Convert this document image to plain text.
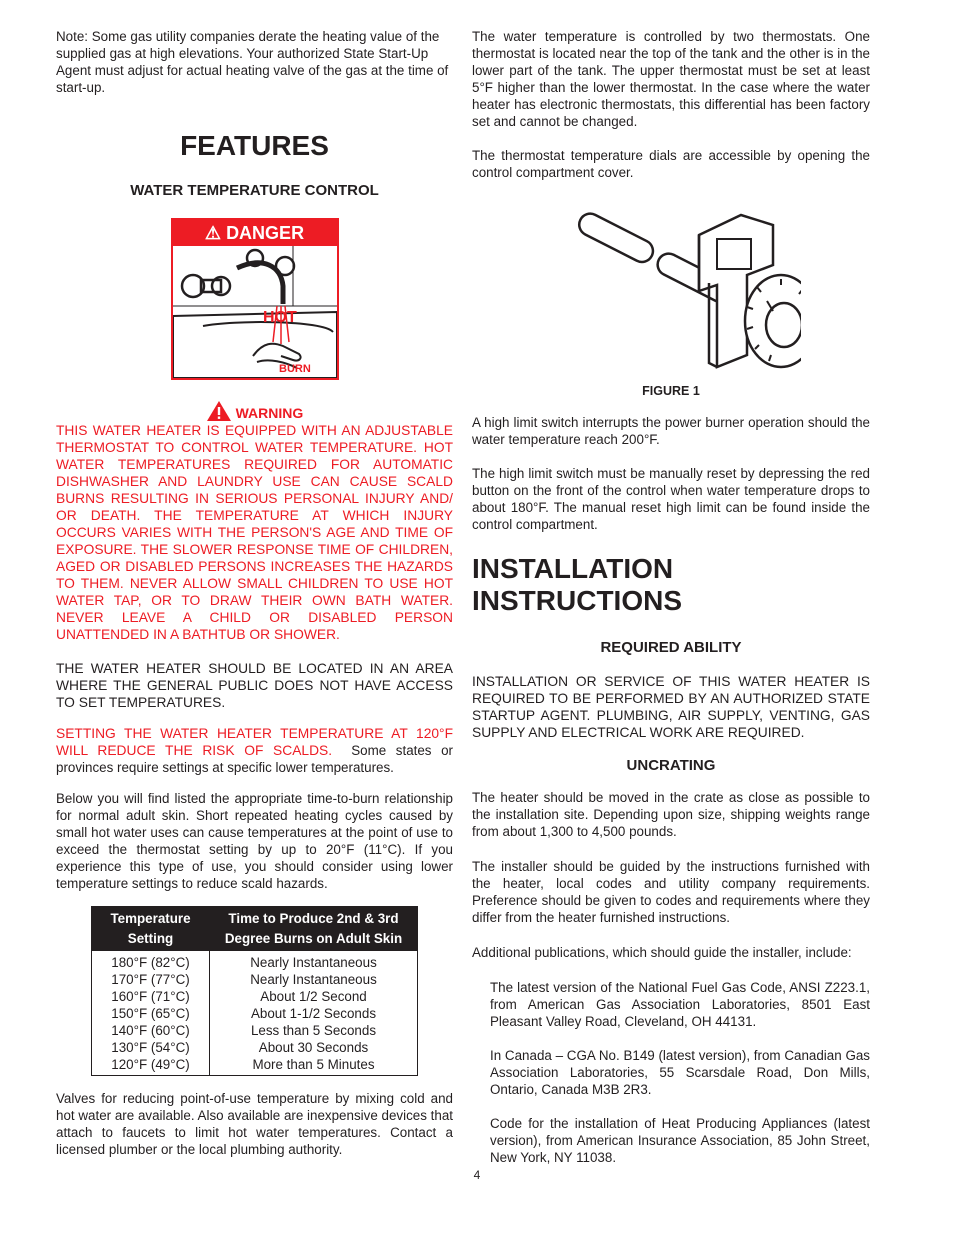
Note: Some gas utility companies derate the heating value of the supplied gas at high elevations. Your authorized State Start-Up Agent must adjust for actual heating valve of the gas at the time of start-up.

FEATURES
WATER TEMPERATURE CONTROL
⚠ DANGER
HOT
BURN
WARNING

THIS WATER HEATER IS EQUIPPED WITH AN ADJUSTABLE THERMOSTAT TO CONTROL WATER TEMPERATURE. HOT WATER TEMPERATURES REQUIRED FOR AUTOMATIC DISHWASHER AND LAUNDRY USE CAN CAUSE SCALD BURNS RESULTING IN SERIOUS PERSONAL INJURY AND/ OR DEATH. THE TEMPERATURE AT WHICH INJURY OCCURS VARIES WITH THE PERSON'S AGE AND TIME OF EXPOSURE. THE SLOWER RESPONSE TIME OF CHILDREN, AGED OR DISABLED PERSONS INCREASES THE HAZARDS TO THEM. NEVER ALLOW SMALL CHILDREN TO USE HOT WATER TAP, OR TO DRAW THEIR OWN BATH WATER. NEVER LEAVE A CHILD OR DISABLED PERSON UNATTENDED IN A BATHTUB OR SHOWER.

THE WATER HEATER SHOULD BE LOCATED IN AN AREA WHERE THE GENERAL PUBLIC DOES NOT HAVE ACCESS TO SET TEMPERATURES.

SETTING THE WATER HEATER TEMPERATURE AT 120°F WILL REDUCE THE RISK OF SCALDS. Some states or provinces require settings at specific lower temperatures.

Below you will find listed the appropriate time-to-burn relationship for normal adult skin. Short repeated heating cycles caused by small hot water uses can cause temperatures at the point of use to exceed the thermostat setting by up to 20°F (11°C). If you experience this type of use, you should consider using lower temperature settings to reduce scald hazards.

Temperature
Setting	Time to Produce 2nd & 3rd
Degree Burns on Adult Skin
180°F (82°C)	Nearly Instantaneous
170°F (77°C)	Nearly Instantaneous
160°F (71°C)	About 1/2 Second
150°F (65°C)	About 1-1/2 Seconds
140°F (60°C)	Less than 5 Seconds
130°F (54°C)	About 30 Seconds
120°F (49°C)	More than 5 Minutes

Valves for reducing point-of-use temperature by mixing cold and hot water are available. Also available are inexpensive devices that attach to faucets to limit hot water temperatures. Contact a licensed plumber or the local plumbing authority.

The water temperature is controlled by two thermostats. One thermostat is located near the top of the tank and the other is in the lower part of the tank. The upper thermostat must be set at least 5°F higher than the lower thermostat. In the case where the water heater has electronic thermostats, this differential has been factory set and cannot be changed.

The thermostat temperature dials are accessible by opening the control compartment cover.

FIGURE 1

A high limit switch interrupts the power burner operation should the water temperature reach 200°F.

The high limit switch must be manually reset by depressing the red button on the front of the control when water temperature drops to about 180°F. The manual reset high limit can be found inside the control compartment.

INSTALLATION INSTRUCTIONS
REQUIRED ABILITY

INSTALLATION OR SERVICE OF THIS WATER HEATER IS REQUIRED TO BE PERFORMED BY AN AUTHORIZED STATE STARTUP AGENT. PLUMBING, AIR SUPPLY, VENTING, GAS SUPPLY AND ELECTRICAL WORK ARE REQUIRED.

UNCRATING

The heater should be moved in the crate as close as possible to the installation site. Depending upon size, shipping weights range from about 1,300 to 4,500 pounds.

The installer should be guided by the instructions furnished with the heater, local codes and utility company requirements. Preference should be given to codes and requirements where they differ from the heater furnished instructions.

Additional publications, which should guide the installer, include:

The latest version of the National Fuel Gas Code, ANSI Z223.1, from American Gas Association Laboratories, 8501 East Pleasant Valley Road, Cleveland, OH 44131.

In Canada – CGA No. B149 (latest version), from Canadian Gas Association Laboratories, 55 Scarsdale Road, Don Mills, Ontario, Canada M3B 2R3.

Code for the installation of Heat Producing Appliances (latest version), from American Insurance Association, 85 John Street, New York, NY 11038.

4
